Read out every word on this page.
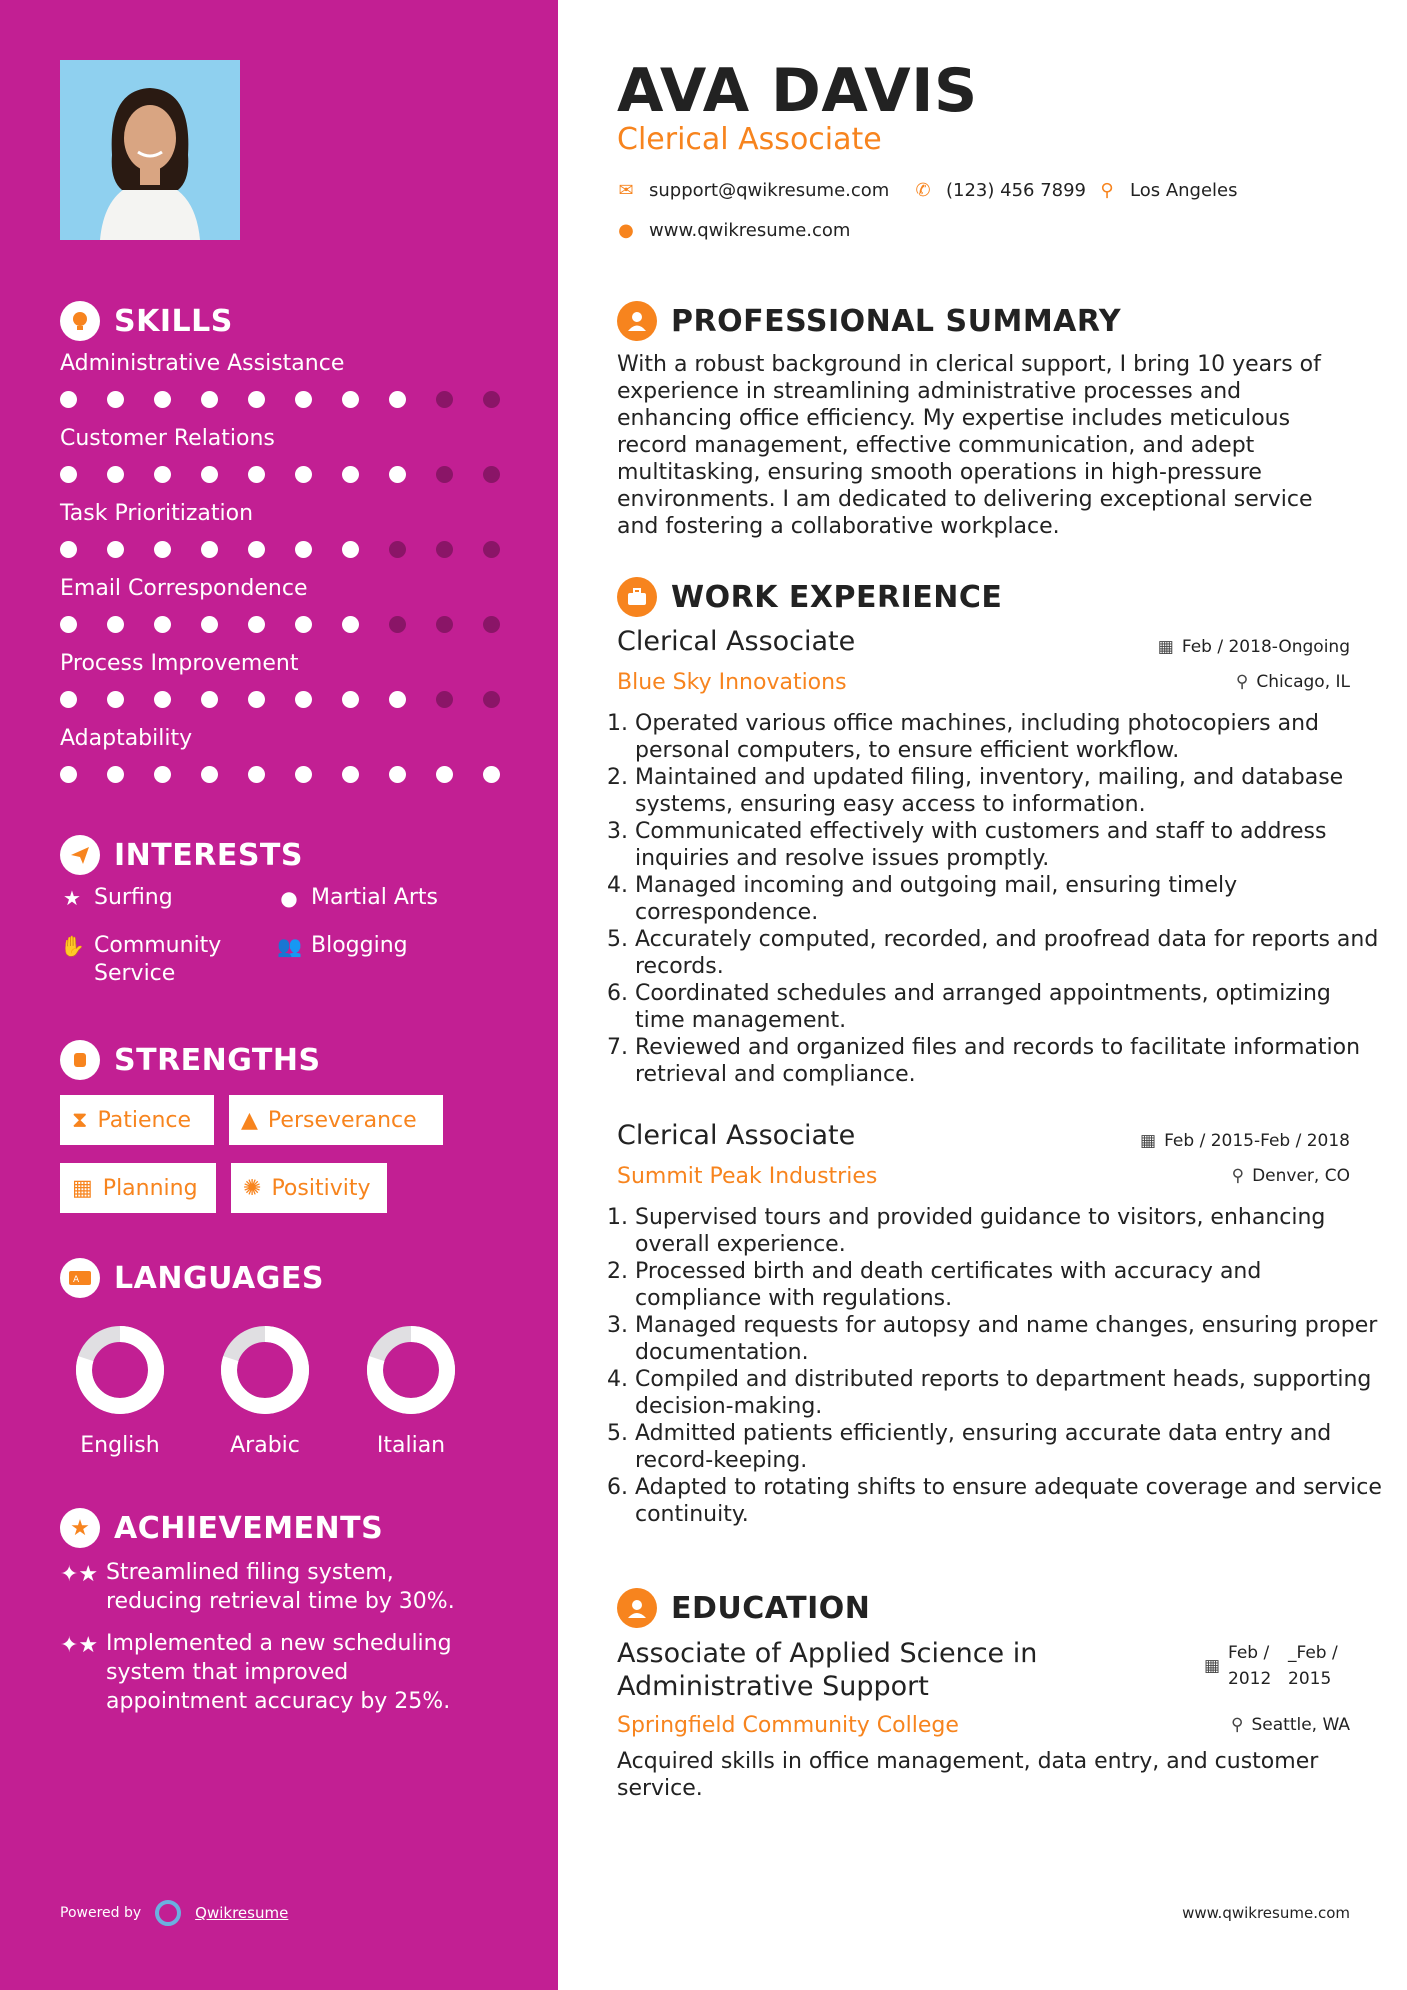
SKILLS
Administrative Assistance
Customer Relations
Task Prioritization
Email Correspondence
Process Improvement
Adaptability
INTERESTS
★ Surfing	● Martial Arts
✋ Community Service
👥 Blogging
STRENGTHS
⧗ Patience ▲ Perseverance
▦ Planning ✺ Positivity
A LANGUAGES
English	Arabic	Italian
★ ACHIEVEMENTS
✦★ Streamlined filing system, reducing retrieval time by 30%.
✦★ Implemented a new scheduling system that improved appointment accuracy by 25%.
Powered by	Qwikresume
AVA DAVIS
Clerical Associate
✉ support@qwikresume.com ✆ (123) 456 7899 ⚲ Los Angeles
● www.qwikresume.com
PROFESSIONAL SUMMARY
With a robust background in clerical support, I bring 10 years of experience in streamlining administrative processes and enhancing office efficiency. My expertise includes meticulous record management, effective communication, and adept multitasking, ensuring smooth operations in high-pressure environments. I am dedicated to delivering exceptional service and fostering a collaborative workplace.
WORK EXPERIENCE
Clerical Associate	▦ Feb / 2018-Ongoing
Blue Sky Innovations	⚲ Chicago, IL
1. Operated various office machines, including photocopiers and personal computers, to ensure efficient workflow.
2. Maintained and updated filing, inventory, mailing, and database systems, ensuring easy access to information.
3. Communicated effectively with customers and staff to address inquiries and resolve issues promptly.
4. Managed incoming and outgoing mail, ensuring timely correspondence.
5. Accurately computed, recorded, and proofread data for reports and records.
6. Coordinated schedules and arranged appointments, optimizing time management.
7. Reviewed and organized files and records to facilitate information retrieval and compliance.
Clerical Associate	▦ Feb / 2015-Feb / 2018
Summit Peak Industries	⚲ Denver, CO
1. Supervised tours and provided guidance to visitors, enhancing overall experience.
2. Processed birth and death certificates with accuracy and compliance with regulations.
3. Managed requests for autopsy and name changes, ensuring proper documentation.
4. Compiled and distributed reports to department heads, supporting decision-making.
5. Admitted patients efficiently, ensuring accurate data entry and record-keeping.
6. Adapted to rotating shifts to ensure adequate coverage and service continuity.
EDUCATION
Associate of Applied Science in Administrative Support
▦
Feb /
2012
_Feb /
2015
Springfield Community College	⚲ Seattle, WA
Acquired skills in office management, data entry, and customer service.
www.qwikresume.com
